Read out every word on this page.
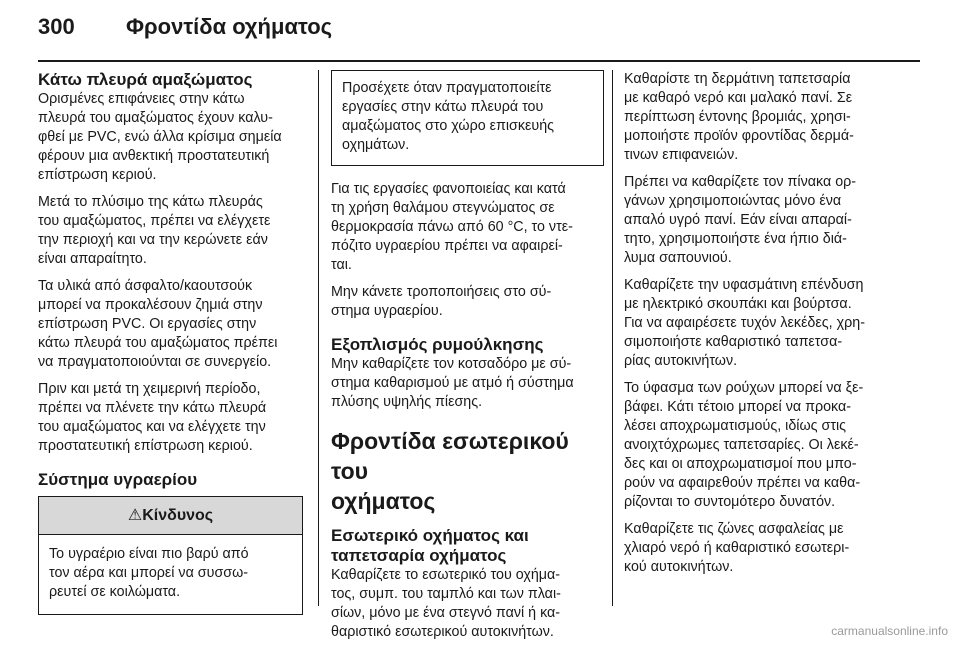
300 Φροντίδα οχήματος
Κάτω πλευρά αμαξώματος

Ορισμένες επιφάνειες στην κάτω
πλευρά του αμαξώματος έχουν καλυ‐
φθεί με PVC, ενώ άλλα κρίσιμα σημεία
φέρουν μια ανθεκτική προστατευτική
επίστρωση κεριού.

Μετά το πλύσιμο της κάτω πλευράς
του αμαξώματος, πρέπει να ελέγχετε
την περιοχή και να την κερώνετε εάν
είναι απαραίτητο.

Τα υλικά από άσφαλτο/καουτσούκ
μπορεί να προκαλέσουν ζημιά στην
επίστρωση PVC. Οι εργασίες στην
κάτω πλευρά του αμαξώματος πρέπει
να πραγματοποιούνται σε συνεργείο.

Πριν και μετά τη χειμερινή περίοδο,
πρέπει να πλένετε την κάτω πλευρά
του αμαξώματος και να ελέγχετε την
προστατευτική επίστρωση κεριού.

Σύστημα υγραερίου
⚠Κίνδυνος
Το υγραέριο είναι πιο βαρύ από
τον αέρα και μπορεί να συσσω‐
ρευτεί σε κοιλώματα.
Προσέχετε όταν πραγματοποιείτε
εργασίες στην κάτω πλευρά του
αμαξώματος στο χώρο επισκευής
οχημάτων.

Για τις εργασίες φανοποιείας και κατά
τη χρήση θαλάμου στεγνώματος σε
θερμοκρασία πάνω από 60 °C, το ντε‐
πόζιτο υγραερίου πρέπει να αφαιρεί‐
ται.

Μην κάνετε τροποποιήσεις στο σύ‐
στημα υγραερίου.

Εξοπλισμός ρυμούλκησης

Μην καθαρίζετε τον κοτσαδόρο με σύ‐
στημα καθαρισμού με ατμό ή σύστημα
πλύσης υψηλής πίεσης.

Φροντίδα εσωτερικού του
οχήματος
Εσωτερικό οχήματος και
ταπετσαρία οχήματος

Καθαρίζετε το εσωτερικό του οχήμα‐
τος, συμπ. του ταμπλό και των πλαι‐
σίων, μόνο με ένα στεγνό πανί ή κα‐
θαριστικό εσωτερικού αυτοκινήτων.

Καθαρίστε τη δερμάτινη ταπετσαρία
με καθαρό νερό και μαλακό πανί. Σε
περίπτωση έντονης βρομιάς, χρησι‐
μοποιήστε προϊόν φροντίδας δερμά‐
τινων επιφανειών.

Πρέπει να καθαρίζετε τον πίνακα ορ‐
γάνων χρησιμοποιώντας μόνο ένα
απαλό υγρό πανί. Εάν είναι απαραί‐
τητο, χρησιμοποιήστε ένα ήπιο διά‐
λυμα σαπουνιού.

Καθαρίζετε την υφασμάτινη επένδυση
με ηλεκτρικό σκουπάκι και βούρτσα.
Για να αφαιρέσετε τυχόν λεκέδες, χρη‐
σιμοποιήστε καθαριστικό ταπετσα‐
ρίας αυτοκινήτων.

Το ύφασμα των ρούχων μπορεί να ξε‐
βάφει. Κάτι τέτοιο μπορεί να προκα‐
λέσει αποχρωματισμούς, ιδίως στις
ανοιχτόχρωμες ταπετσαρίες. Οι λεκέ‐
δες και οι αποχρωματισμοί που μπο‐
ρούν να αφαιρεθούν πρέπει να καθα‐
ρίζονται το συντομότερο δυνατόν.

Καθαρίζετε τις ζώνες ασφαλείας με
χλιαρό νερό ή καθαριστικό εσωτερι‐
κού αυτοκινήτων.

carmanualsonline.info
